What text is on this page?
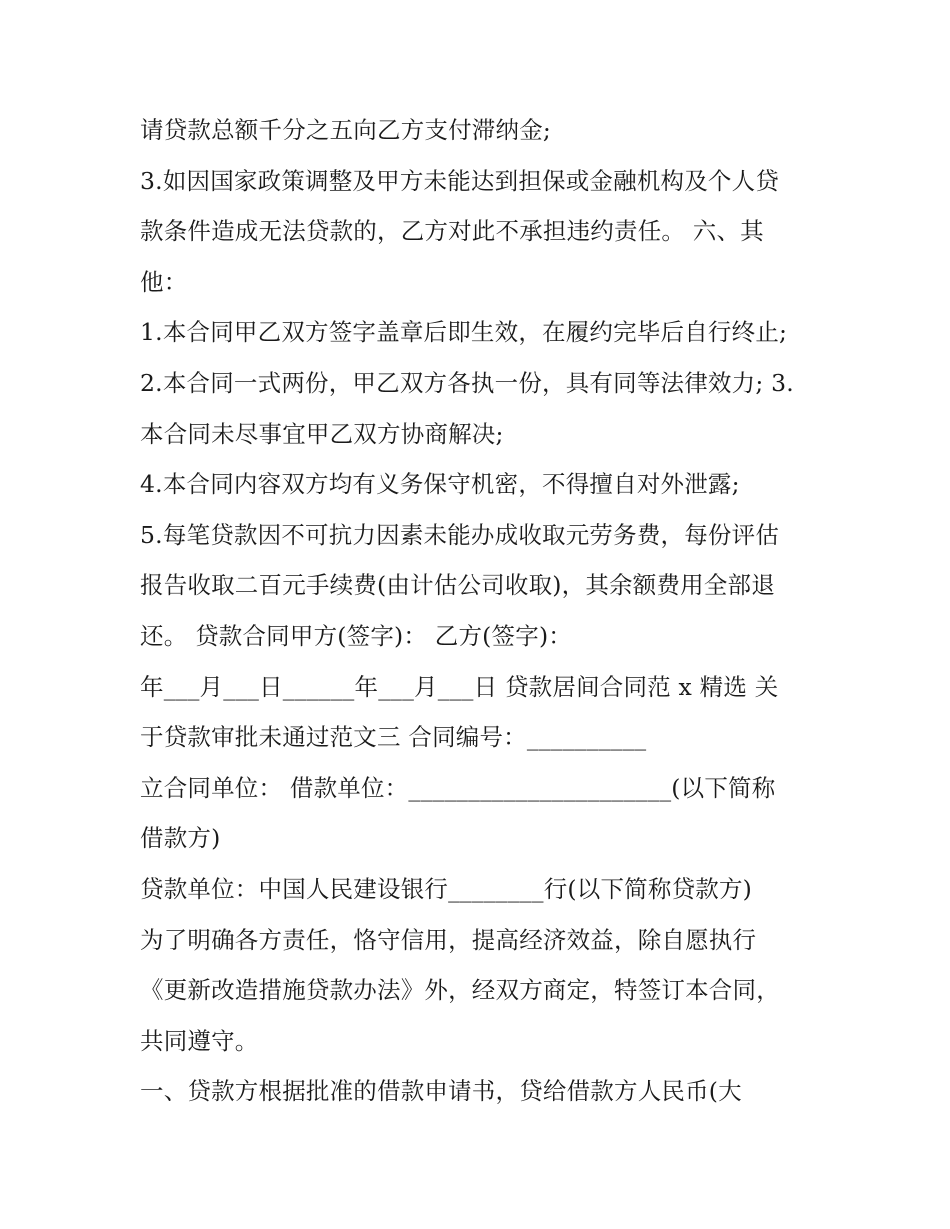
请贷款总额千分之五向乙方支付滞纳金;
3.如因国家政策调整及甲方未能达到担保或金融机构及个人贷
款条件造成无法贷款的，乙方对此不承担违约责任。 六、其
他：
1.本合同甲乙双方签字盖章后即生效，在履约完毕后自行终止;
2.本合同一式两份，甲乙双方各执一份，具有同等法律效力; 3.
本合同未尽事宜甲乙双方协商解决;
4.本合同内容双方均有义务保守机密，不得擅自对外泄露;
5.每笔贷款因不可抗力因素未能办成收取元劳务费，每份评估
报告收取二百元手续费(由计估公司收取)，其余额费用全部退
还。 贷款合同甲方(签字)： 乙方(签字)：
年___月___日______年___月___日 贷款居间合同范 x 精选 关
于贷款审批未通过范文三 合同编号：__________
立合同单位： 借款单位：______________________(以下简称
借款方)
贷款单位：中国人民建设银行________行(以下简称贷款方)
为了明确各方责任，恪守信用，提高经济效益，除自愿执行
《更新改造措施贷款办法》外，经双方商定，特签订本合同，
共同遵守。
一、贷款方根据批准的借款申请书，贷给借款方人民币(大
